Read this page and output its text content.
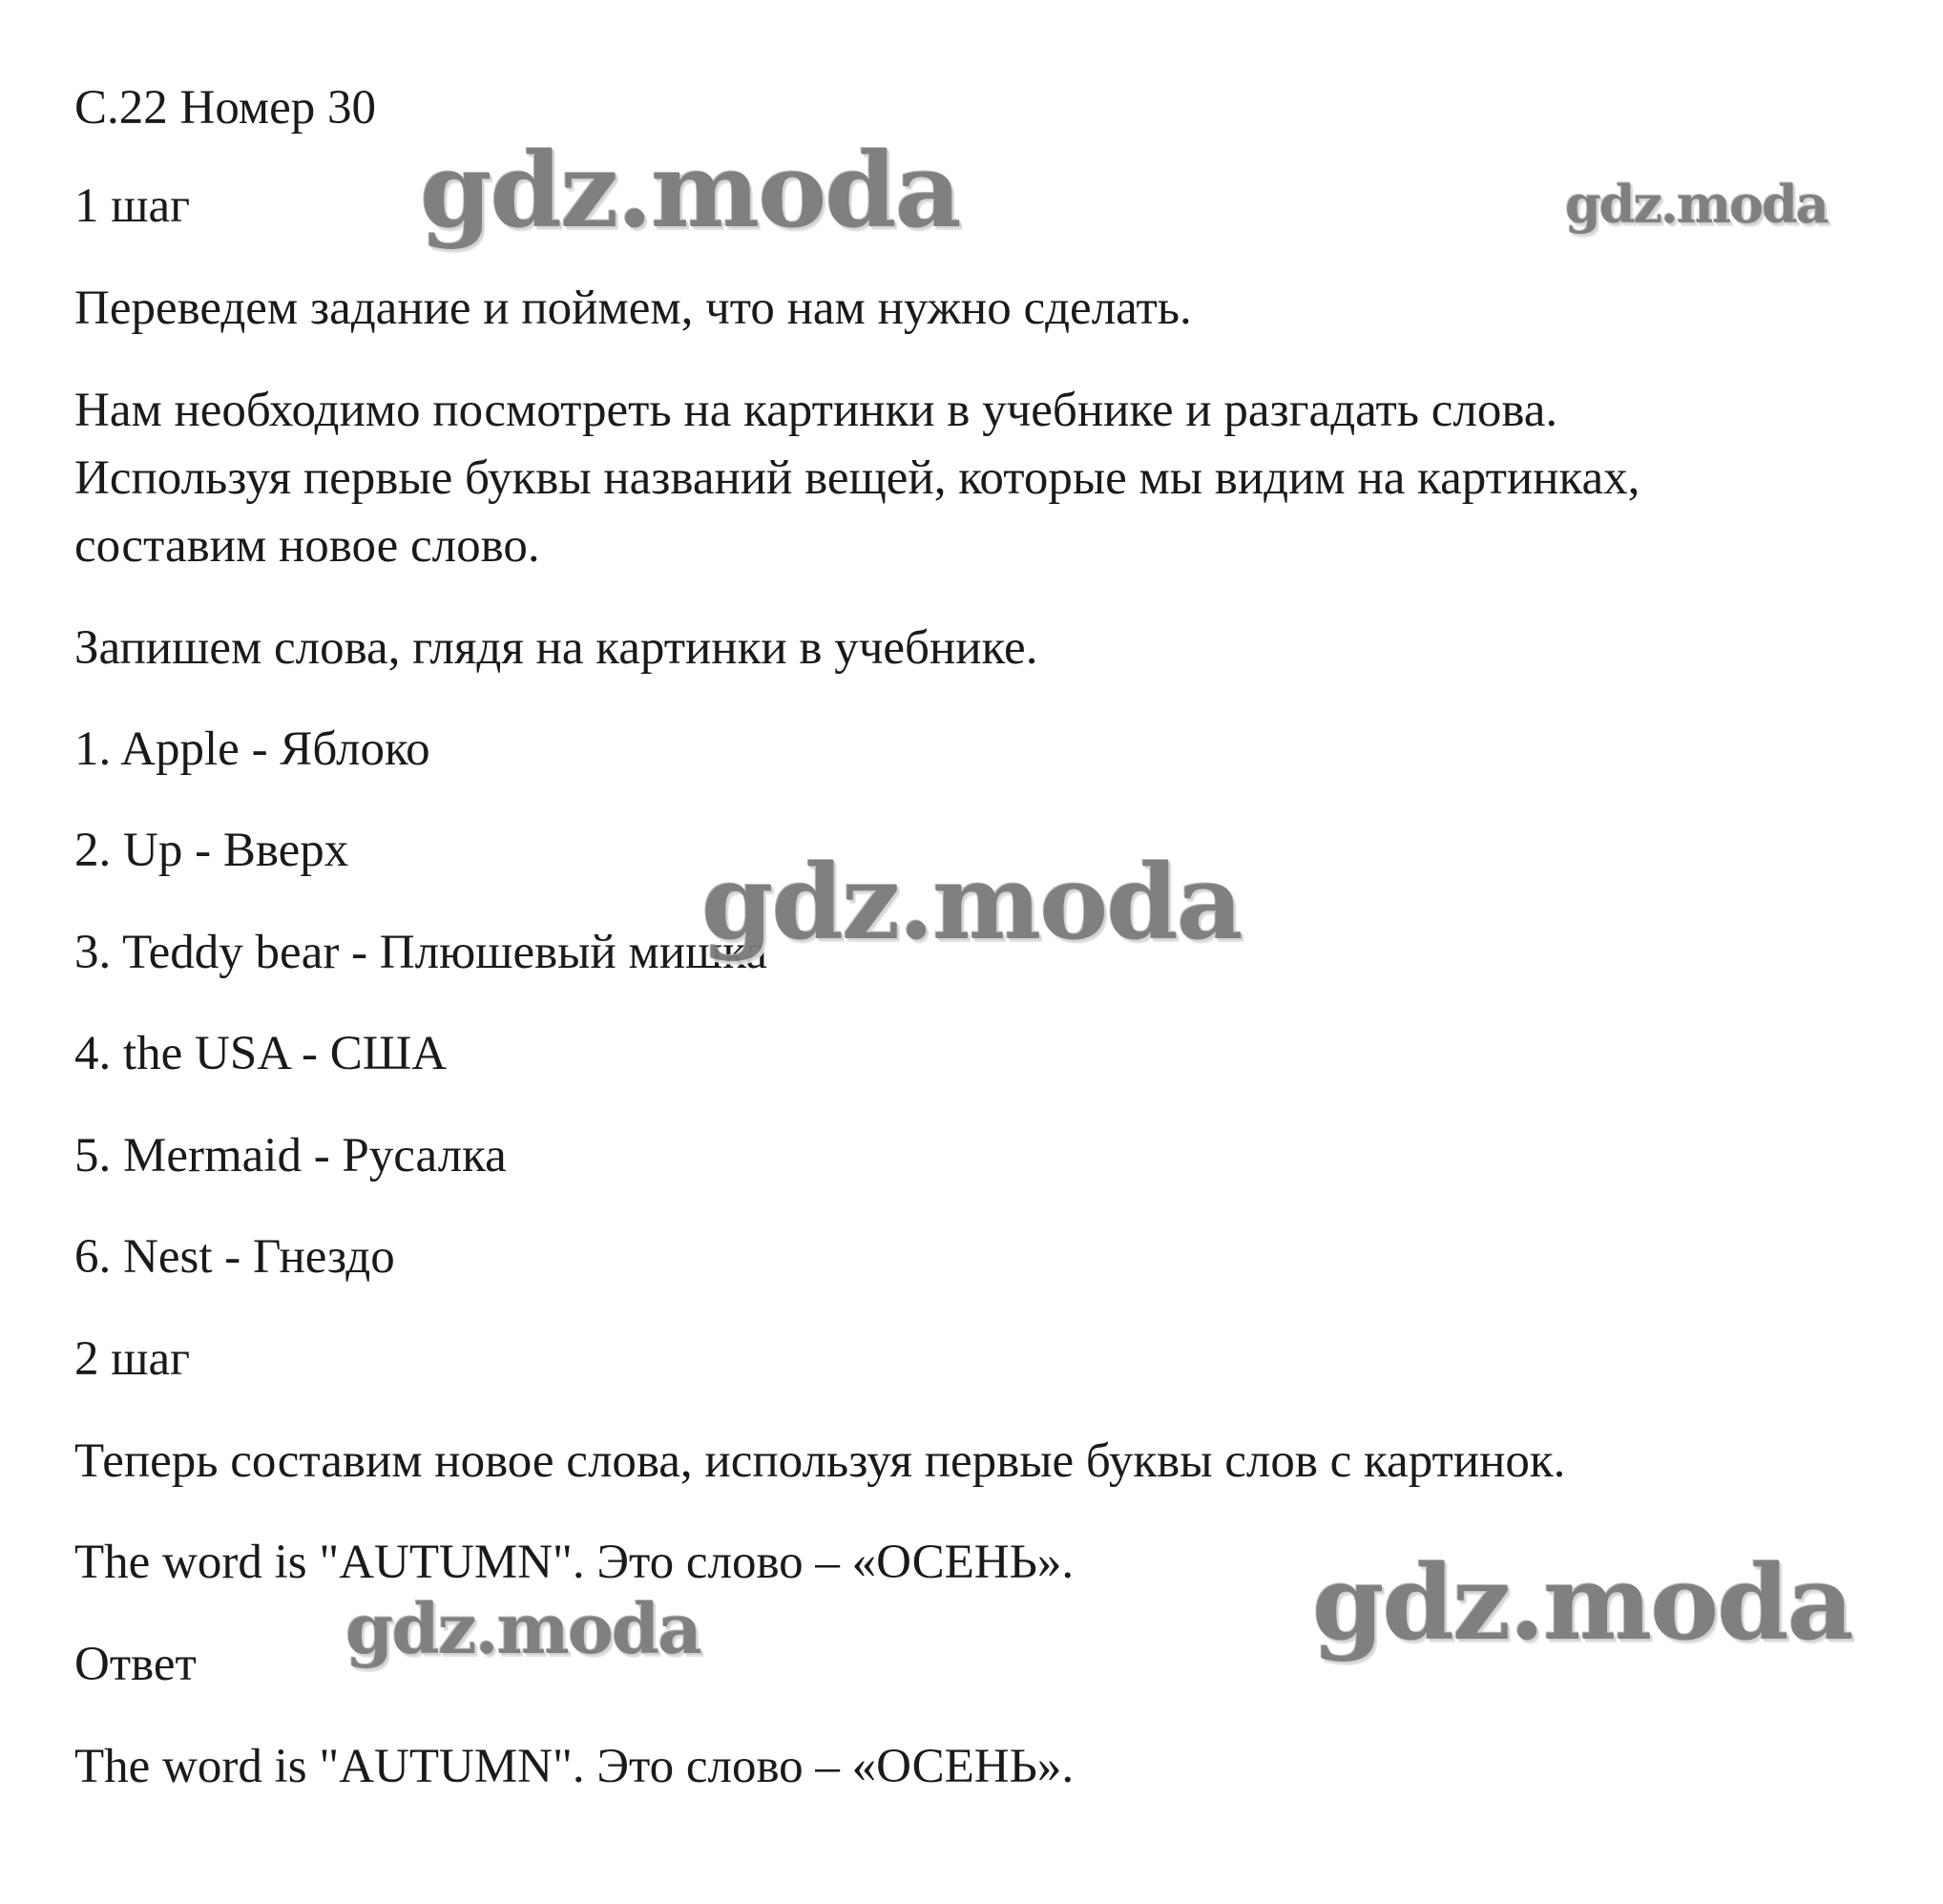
С.22 Номер 30

1 шаг

Переведем задание и поймем, что нам нужно сделать.

Нам необходимо посмотреть на картинки в учебнике и разгадать слова.

Используя первые буквы названий вещей, которые мы видим на картинках,

составим новое слово.

Запишем слова, глядя на картинки в учебнике.

1. Apple - Яблоко

2. Up - Вверх

3. Teddy bear - Плюшевый мишка

4. the USA - США

5. Mermaid - Русалка

6. Nest - Гнездо

2 шаг

Теперь составим новое слова, используя первые буквы слов с картинок.

The word is "AUTUMN". Это слово – «ОСЕНЬ».

Ответ

The word is "AUTUMN". Это слово – «ОСЕНЬ».

gdz.moda	gdz.moda
gdz.moda
gdz.moda
gdz.moda
